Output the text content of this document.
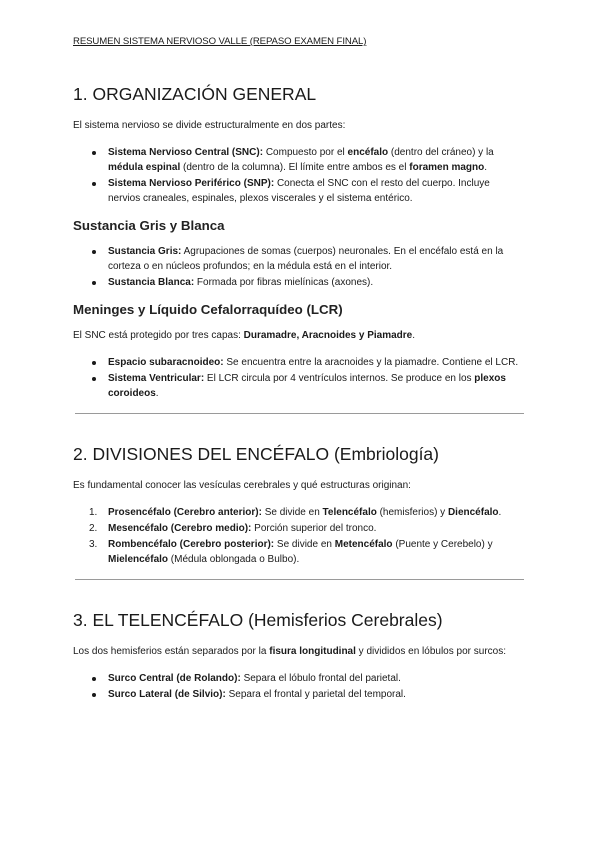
RESUMEN SISTEMA NERVIOSO VALLE (REPASO EXAMEN FINAL)
1. ORGANIZACIÓN GENERAL

El sistema nervioso se divide estructuralmente en dos partes:

Sistema Nervioso Central (SNC): Compuesto por el encéfalo (dentro del cráneo) y la médula espinal (dentro de la columna). El límite entre ambos es el foramen magno.
Sistema Nervioso Periférico (SNP): Conecta el SNC con el resto del cuerpo. Incluye nervios craneales, espinales, plexos viscerales y el sistema entérico.
Sustancia Gris y Blanca
Sustancia Gris: Agrupaciones de somas (cuerpos) neuronales. En el encéfalo está en la corteza o en núcleos profundos; en la médula está en el interior.
Sustancia Blanca: Formada por fibras mielínicas (axones).
Meninges y Líquido Cefalorraquídeo (LCR)

El SNC está protegido por tres capas: Duramadre, Aracnoides y Piamadre.

Espacio subaracnoideo: Se encuentra entre la aracnoides y la piamadre. Contiene el LCR.
Sistema Ventricular: El LCR circula por 4 ventrículos internos. Se produce en los plexos coroideos.
2. DIVISIONES DEL ENCÉFALO (Embriología)

Es fundamental conocer las vesículas cerebrales y qué estructuras originan:

1. Prosencéfalo (Cerebro anterior): Se divide en Telencéfalo (hemisferios) y Diencéfalo.
2. Mesencéfalo (Cerebro medio): Porción superior del tronco.
3. Rombencéfalo (Cerebro posterior): Se divide en Metencéfalo (Puente y Cerebelo) y Mielencéfalo (Médula oblongada o Bulbo).
3. EL TELENCÉFALO (Hemisferios Cerebrales)

Los dos hemisferios están separados por la fisura longitudinal y divididos en lóbulos por surcos:

Surco Central (de Rolando): Separa el lóbulo frontal del parietal.
Surco Lateral (de Silvio): Separa el frontal y parietal del temporal.
